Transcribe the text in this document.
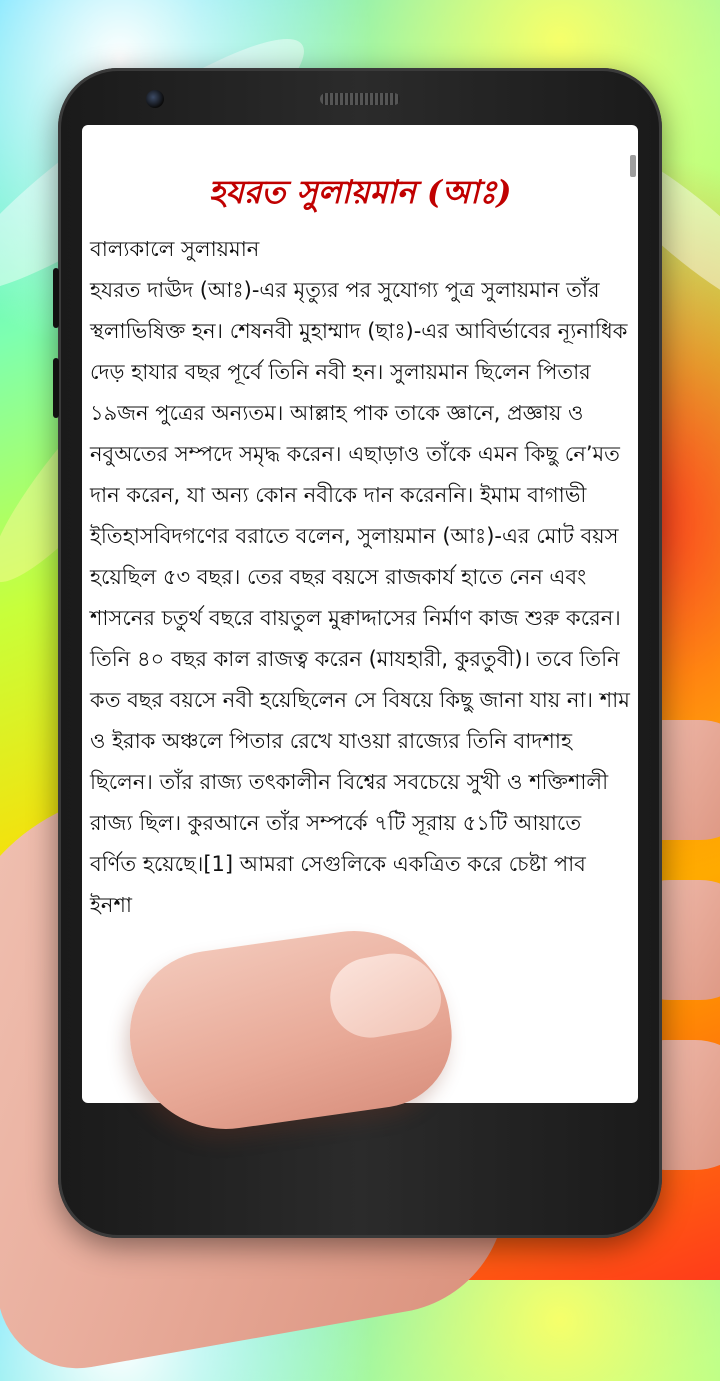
হযরত সুলায়মান (আঃ)
বাল্যকালে সুলায়মান
হযরত দাঊদ (আঃ)-এর মৃত্যুর পর সুযোগ্য পুত্র সুলায়মান তাঁর স্থলাভিষিক্ত হন। শেষনবী মুহাম্মাদ (ছাঃ)-এর আবির্ভাবের ন্যূনাধিক দেড় হাযার বছর পূর্বে তিনি নবী হন। সুলায়মান ছিলেন পিতার ১৯জন পুত্রের অন্যতম। আল্লাহ পাক তাকে জ্ঞানে, প্রজ্ঞায় ও নবুঅতের সম্পদে সমৃদ্ধ করেন। এছাড়াও তাঁকে এমন কিছু নে’মত দান করেন, যা অন্য কোন নবীকে দান করেননি। ইমাম বাগাভী ইতিহাসবিদগণের বরাতে বলেন, সুলায়মান (আঃ)-এর মোট বয়স হয়েছিল ৫৩ বছর। তের বছর বয়সে রাজকার্য হাতে নেন এবং শাসনের চতুর্থ বছরে বায়তুল মুক্বাদ্দাসের নির্মাণ কাজ শুরু করেন। তিনি ৪০ বছর কাল রাজত্ব করেন (মাযহারী, কুরতুবী)। তবে তিনি কত বছর বয়সে নবী হয়েছিলেন সে বিষয়ে কিছু জানা যায় না। শাম ও ইরাক অঞ্চলে পিতার রেখে যাওয়া রাজ্যের তিনি বাদশাহ ছিলেন। তাঁর রাজ্য তৎকালীন বিশ্বের সবচেয়ে সুখী ও শক্তিশালী রাজ্য ছিল। কুরআনে তাঁর সম্পর্কে ৭টি সূরায় ৫১টি আয়াতে বর্ণিত হয়েছে।[1] আমরা সেগুলিকে একত্রিত করে চেষ্টা পাব ইনশা
